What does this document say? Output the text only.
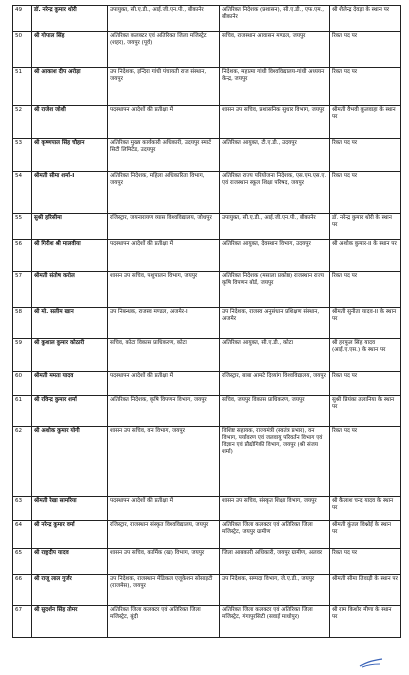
49	डॉ. नरेन्द्र कुमार थोरी	उपायुक्त, सी.ए.डी., आई.जी.एन.पी., बीकानेर	अतिरिक्त निदेशक (प्रशासन), सी.ए.डी., एफ.एम., बीकानेर	श्री शैलेन्द्र देवड़ा के स्थान पर
50	श्री गोपाल सिंह	अतिरिक्त कलक्टर एवं अतिरिक्त जिला मजिस्ट्रेट (शहर), जयपुर (पूर्व)	सचिव, राजस्थान आवासन मण्डल, जयपुर	रिक्त पद पर
51	श्री आकाश दीप अरोड़ा	उप निदेशक, इन्दिरा गांधी पंचायती राज संस्थान, जयपुर	निदेशक, महात्मा गांधी विश्वविद्यालय-गांधी अध्ययन केन्द्र, जयपुर	रिक्त पद पर
52	श्री राजेश जोशी	पदस्थापन आदेशों की प्रतीक्षा में	शासन उप सचिव, प्रशासनिक सुधार विभाग, जयपुर	श्रीमती वैभवी कुलवाहा के स्थान पर
53	श्री कृष्णपाल सिंह चौहान	अतिरिक्त मुख्य कार्यकारी अधिकारी, उदयपुर स्मार्ट सिटी लिमिटेड, उदयपुर	अतिरिक्त आयुक्त, टी.ए.डी., उदयपुर	रिक्त पद पर
54	श्रीमती सीमा शर्मा-I	अतिरिक्त निदेशक, महिला अधिकारिता विभाग, जयपुर	अतिरिक्त राज्य परियोजना निदेशक, एस.एम.एस.ए. एवं राजस्थान स्कूल शिक्षा परिषद, जयपुर	रिक्त पद पर
55	सुश्री हरिसीमा	रजिस्ट्रार, जयनारायण व्यास विश्वविद्यालय, जोधपुर	उपायुक्त, सी.ए.डी., आई.जी.एन.पी., बीकानेर	डॉ. नरेन्द्र कुमार थोरी के स्थान पर
56	श्री गिरीश श्री मालवीया	पदस्थापन आदेशों की प्रतीक्षा में	अतिरिक्त आयुक्त, देवस्थान विभाग, उदयपुर	श्री अशोक कुमार-II के स्थान पर
57	श्रीमती संतोष करोल	शासन उप सचिव, पशुपालन विभाग, जयपुर	अतिरिक्त निदेशक (मसाला प्रकोष्ठ) राजस्थान राज्य कृषि विपणन बोर्ड, जयपुर	रिक्त पद पर
58	श्री मो. सलीम खान	उप निबन्धक, राजस्व मण्डल, अजमेर-I	उप निदेशक, राजस्व अनुसंधान प्रशिक्षण संस्थान, अजमेर	श्रीमती सुनीता यादव-II के स्थान पर
59	श्री कुशाल कुमार कोठारी	सचिव, कोटा विकास प्राधिकरण, कोटा	अतिरिक्त आयुक्त, सी.ए.डी., कोटा	श्री हरफूल सिंह यादव (आई.ए.एस.) के स्थान पर
60	श्रीमती ममता यादव	पदस्थापन आदेशों की प्रतीक्षा में	रजिस्ट्रार, बाबा आमटे दिव्यांग विश्वविद्यालय, जयपुर	रिक्त पद पर
61	श्री रविन्द्र कुमार शर्मा	अतिरिक्त निदेशक, कृषि विपणन विभाग, जयपुर	सचिव, जयपुर विकास प्राधिकरण, जयपुर	सुश्री प्रियंका तलानिया के स्थान पर
62	श्री अशोक कुमार योगी	शासन उप सचिव, वन विभाग, जयपुर	विशिष्ट सहायक, राज्यमंत्री (स्वतंत्र प्रभार), वन विभाग, पर्यावरण एवं जलवायु परिवर्तन विभाग एवं विज्ञान एवं प्रौद्योगिकी विभाग, जयपुर (श्री संजय शर्मा)	रिक्त पद पर
63	श्रीमती रेखा सामरिया	पदस्थापन आदेशों की प्रतीक्षा में	शासन उप सचिव, संस्कृत शिक्षा विभाग, जयपुर	श्री कैलाश चन्द यादव के स्थान पर
64	श्री नरेन्द्र कुमार वर्मा	रजिस्ट्रार, राजस्थान संस्कृत विश्वविद्यालय, जयपुर	अतिरिक्त जिला कलक्टर एवं अतिरिक्त जिला मजिस्ट्रेट, जयपुर ग्रामीण	श्रीमती कुंतल विश्नोई के स्थान पर
65	श्री राष्ट्रदीप यादव	शासन उप सचिव, कार्मिक (ख) विभाग, जयपुर	जिला आबकारी अधिकारी, जयपुर ग्रामीण, अलवर	रिक्त पद पर
66	श्री राजू लाल गुर्जर	उप निदेशक, राजस्थान मेडिकल एजूकेशन सोसाइटी (राजमेस), जयपुर	उप निदेशक, सम्पदा विभाग, जे.ए.डी., जयपुर	श्रीमती सीमा तिवाड़ी के स्थान पर
67	श्री सुदर्शन सिंह तोमर	अतिरिक्त जिला कलक्टर एवं अतिरिक्त जिला मजिस्ट्रेट, बूंदी	अतिरिक्त जिला कलक्टर एवं अतिरिक्त जिला मजिस्ट्रेट, गंगापुरसिटी (सवाई माधोपुर)	श्री राम किशोर मीणा के स्थान पर
